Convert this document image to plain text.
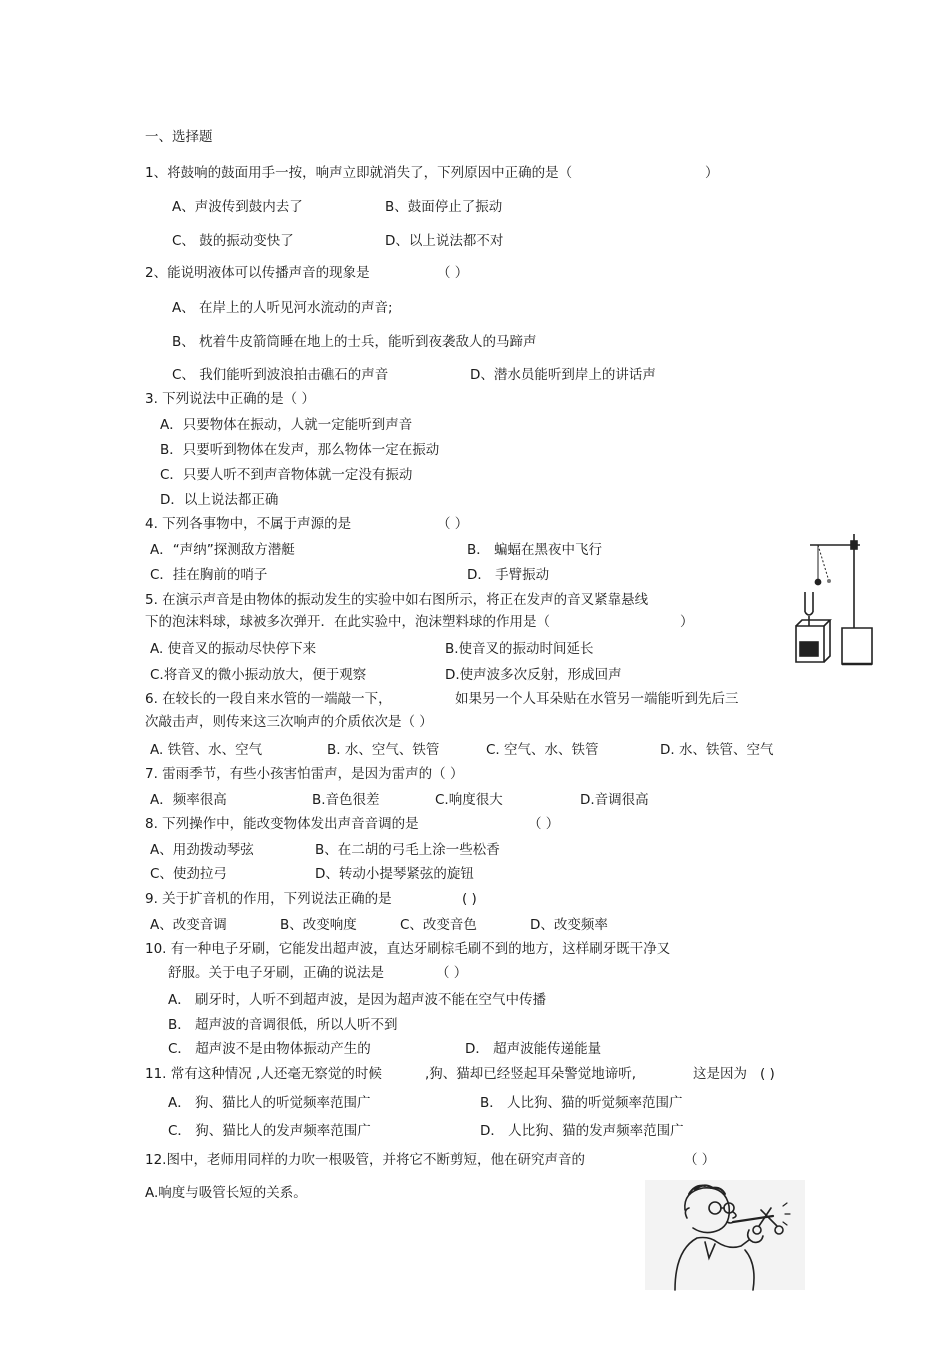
一、选择题
1、将鼓响的鼓面用手一按，响声立即就消失了，下列原因中正确的是（	）
A、声波传到鼓内去了	B、鼓面停止了振动
C、 鼓的振动变快了	D、以上说法都不对
2、能说明液体可以传播声音的现象是	（ ）
A、 在岸上的人听见河水流动的声音;
B、 枕着牛皮箭筒睡在地上的士兵，能听到夜袭敌人的马蹄声
C、 我们能听到波浪拍击礁石的声音	D、潜水员能听到岸上的讲话声
3. 下列说法中正确的是（ ）
A．只要物体在振动，人就一定能听到声音
B．只要听到物体在发声，那么物体一定在振动
C．只要人听不到声音物体就一定没有振动
D．以上说法都正确
4. 下列各事物中，不属于声源的是	（ ）
A．“声纳”探测敌方潜艇	B． 蝙蝠在黑夜中飞行
C．挂在胸前的哨子	D． 手臂振动
5. 在演示声音是由物体的振动发生的实验中如右图所示，将正在发声的音叉紧靠悬线
下的泡沫料球，球被多次弹开．在此实验中，泡沫塑料球的作用是（	）
A. 使音叉的振动尽快停下来	B.使音叉的振动时间延长
C.将音叉的微小振动放大，便于观察	D.使声波多次反射，形成回声
6. 在较长的一段自来水管的一端敲一下，	如果另一个人耳朵贴在水管另一端能听到先后三
次敲击声，则传来这三次响声的介质依次是（ ）
A. 铁管、水、空气	B. 水、空气、铁管	C. 空气、水、铁管	D. 水、铁管、空气
7. 雷雨季节，有些小孩害怕雷声，是因为雷声的（ ）
A．频率很高	B.音色很差	C.响度很大	D.音调很高
8. 下列操作中，能改变物体发出声音音调的是	（ ）
A、用劲拨动琴弦	B、在二胡的弓毛上涂一些松香
C、使劲拉弓	D、转动小提琴紧弦的旋钮
9. 关于扩音机的作用，下列说法正确的是	( )
A、改变音调	B、改变响度	C、改变音色	D、改变频率
10. 有一种电子牙刷，它能发出超声波，直达牙刷棕毛刷不到的地方，这样刷牙既干净又
舒服。关于电子牙刷，正确的说法是	（ ）
A． 刷牙时，人听不到超声波，是因为超声波不能在空气中传播
B． 超声波的音调很低，所以人听不到
C． 超声波不是由物体振动产生的	D． 超声波能传递能量
11. 常有这种情况 ,人还毫无察觉的时候	,狗、猫却已经竖起耳朵警觉地谛听,	这是因为 ( )
A． 狗、猫比人的听觉频率范围广	B． 人比狗、猫的听觉频率范围广
C． 狗、猫比人的发声频率范围广	D． 人比狗、猫的发声频率范围广
12.图中，老师用同样的力吹一根吸管，并将它不断剪短，他在研究声音的	（ ）
A.响度与吸管长短的关系。
